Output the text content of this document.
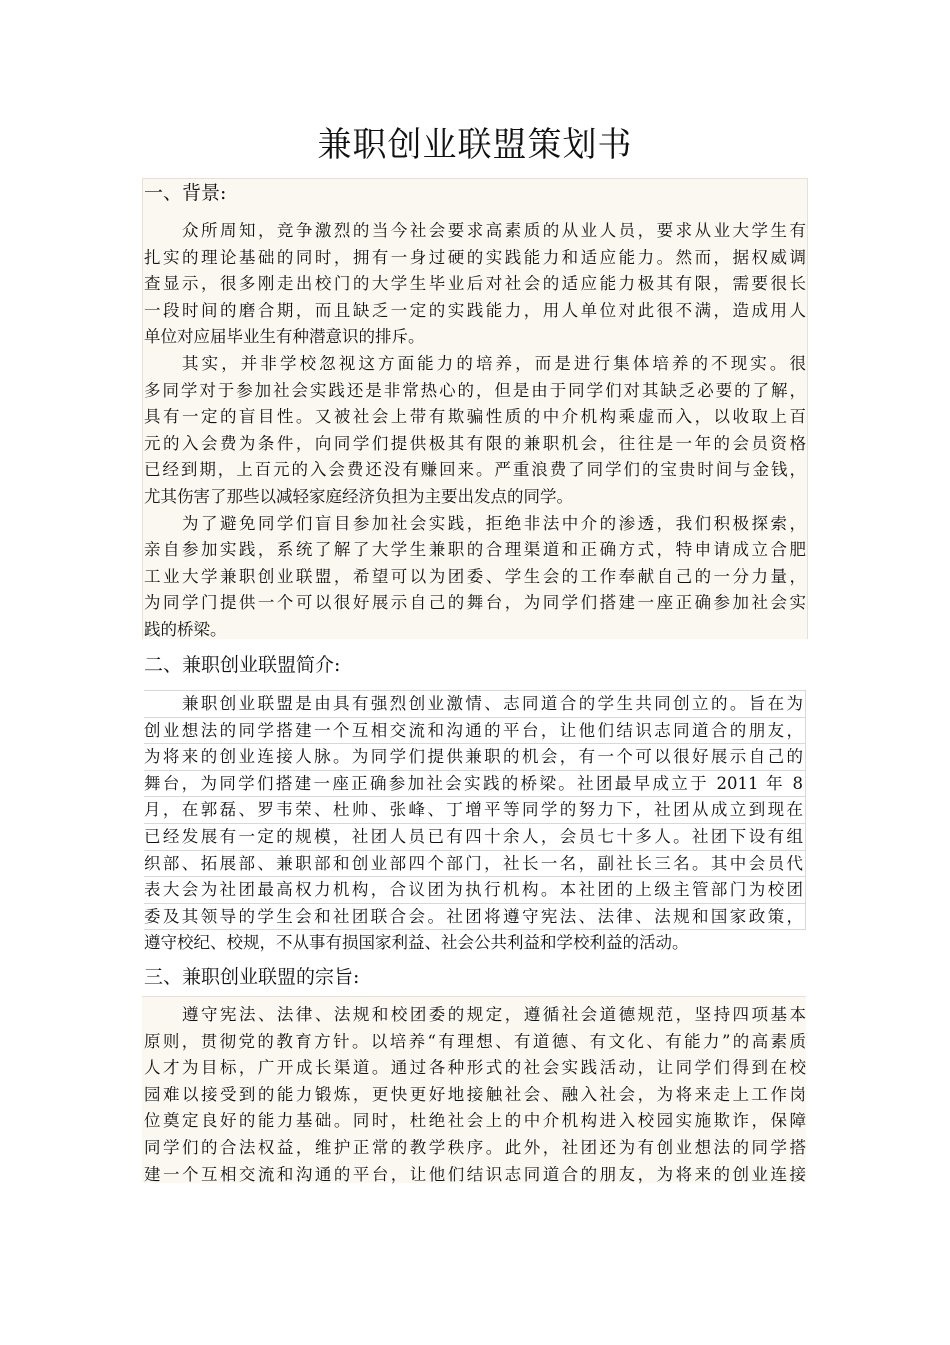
兼职创业联盟策划书
一、背景:
众所周知，竞争激烈的当今社会要求高素质的从业人员，要求从业大学生有
扎实的理论基础的同时，拥有一身过硬的实践能力和适应能力。然而，据权威调
查显示，很多刚走出校门的大学生毕业后对社会的适应能力极其有限，需要很长
一段时间的磨合期，而且缺乏一定的实践能力，用人单位对此很不满，造成用人
单位对应届毕业生有种潜意识的排斥。
其实，并非学校忽视这方面能力的培养，而是进行集体培养的不现实。很
多同学对于参加社会实践还是非常热心的，但是由于同学们对其缺乏必要的了解，
具有一定的盲目性。又被社会上带有欺骗性质的中介机构乘虚而入，以收取上百
元的入会费为条件，向同学们提供极其有限的兼职机会，往往是一年的会员资格
已经到期，上百元的入会费还没有赚回来。严重浪费了同学们的宝贵时间与金钱，
尤其伤害了那些以减轻家庭经济负担为主要出发点的同学。
为了避免同学们盲目参加社会实践，拒绝非法中介的渗透，我们积极探索，
亲自参加实践，系统了解了大学生兼职的合理渠道和正确方式，特申请成立合肥
工业大学兼职创业联盟，希望可以为团委、学生会的工作奉献自己的一分力量，
为同学门提供一个可以很好展示自己的舞台，为同学们搭建一座正确参加社会实
践的桥梁。
二、兼职创业联盟简介:
兼职创业联盟是由具有强烈创业激情、志同道合的学生共同创立的。旨在为
创业想法的同学搭建一个互相交流和沟通的平台，让他们结识志同道合的朋友，
为将来的创业连接人脉。为同学们提供兼职的机会，有一个可以很好展示自己的
舞台，为同学们搭建一座正确参加社会实践的桥梁。社团最早成立于 2011 年 8
月，在郭磊、罗韦荣、杜帅、张峰、丁增平等同学的努力下，社团从成立到现在
已经发展有一定的规模，社团人员已有四十余人，会员七十多人。社团下设有组
织部、拓展部、兼职部和创业部四个部门，社长一名，副社长三名。其中会员代
表大会为社团最高权力机构，合议团为执行机构。本社团的上级主管部门为校团
委及其领导的学生会和社团联合会。社团将遵守宪法、法律、法规和国家政策，
遵守校纪、校规，不从事有损国家利益、社会公共利益和学校利益的活动。
三、兼职创业联盟的宗旨:
遵守宪法、法律、法规和校团委的规定，遵循社会道德规范，坚持四项基本
原则，贯彻党的教育方针。以培养“有理想、有道德、有文化、有能力”的高素质
人才为目标，广开成长渠道。通过各种形式的社会实践活动，让同学们得到在校
园难以接受到的能力锻炼，更快更好地接触社会、融入社会，为将来走上工作岗
位奠定良好的能力基础。同时，杜绝社会上的中介机构进入校园实施欺诈，保障
同学们的合法权益，维护正常的教学秩序。此外，社团还为有创业想法的同学搭
建一个互相交流和沟通的平台，让他们结识志同道合的朋友，为将来的创业连接
